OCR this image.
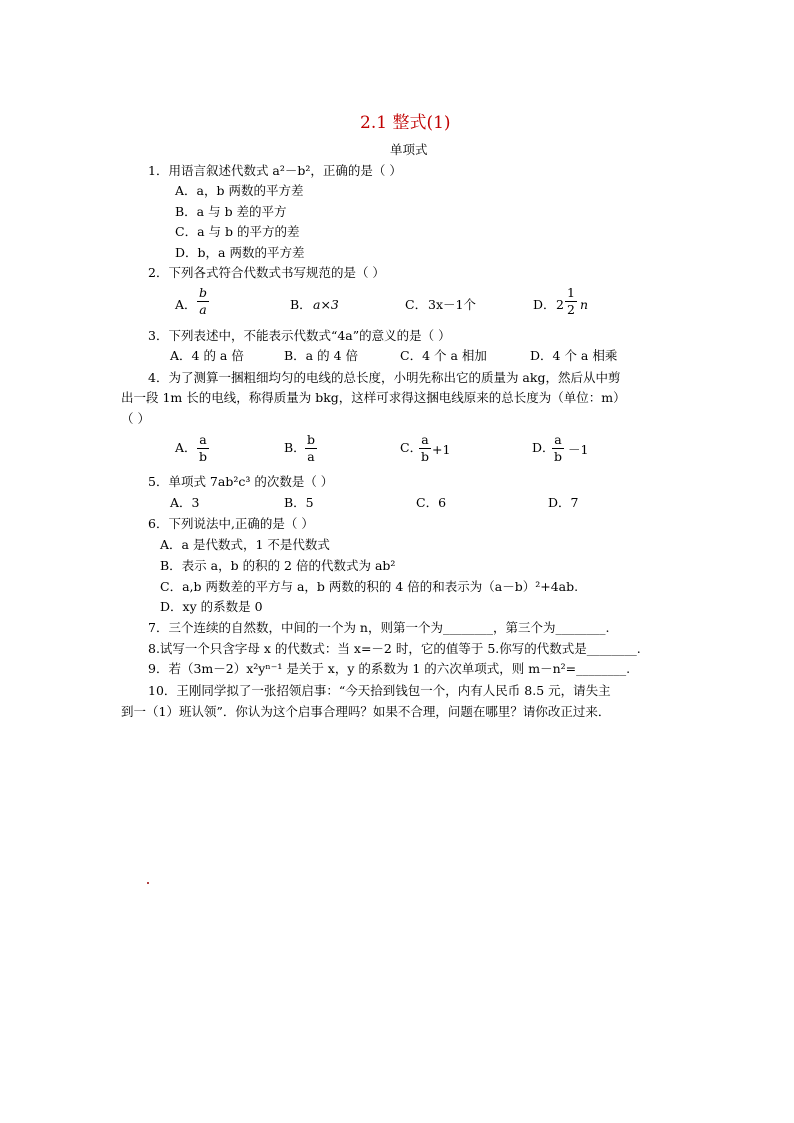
2.1 整式(1)
单项式
1．用语言叙述代数式 a²－b²，正确的是（ ）
A．a，b 两数的平方差
B．a 与 b 差的平方
C．a 与 b 的平方的差
D．b，a 两数的平方差
2．下列各式符合代数式书写规范的是（ ）
A．
b
a	B． a×3	C． 3x－1个	D． 2
1
2 n
3．下列表述中，不能表示代数式“4a”的意义的是（ ）
A．4 的 a 倍	B．a 的 4 倍	C．4 个 a 相加	D．4 个 a 相乘
4．为了测算一捆粗细均匀的电线的总长度，小明先称出它的质量为 akg，然后从中剪
出一段 1m 长的电线，称得质量为 bkg，这样可求得这捆电线原来的总长度为（单位：m）
（ ）
A．
a
b
B．
b
a
C．
a
b +1	D．
a
b －1
5．单项式 7ab²c³ 的次数是（ ）
A．3	B．5	C．6	D．7
6．下列说法中,正确的是（ ）
A．a 是代数式，1 不是代数式
B．表示 a，b 的积的 2 倍的代数式为 ab²
C．a,b 两数差的平方与 a，b 两数的积的 4 倍的和表示为（a－b）²+4ab.
D．xy 的系数是 0
7．三个连续的自然数，中间的一个为 n，则第一个为________，第三个为________.
8.试写一个只含字母 x 的代数式：当 x=－2 时，它的值等于 5.你写的代数式是________.
9．若（3m－2）x²yⁿ⁻¹ 是关于 x，y 的系数为 1 的六次单项式，则 m－n²=________.
10．王刚同学拟了一张招领启事：“今天拾到钱包一个，内有人民币 8.5 元，请失主
到一（1）班认领”．你认为这个启事合理吗？如果不合理，问题在哪里？请你改正过来．
